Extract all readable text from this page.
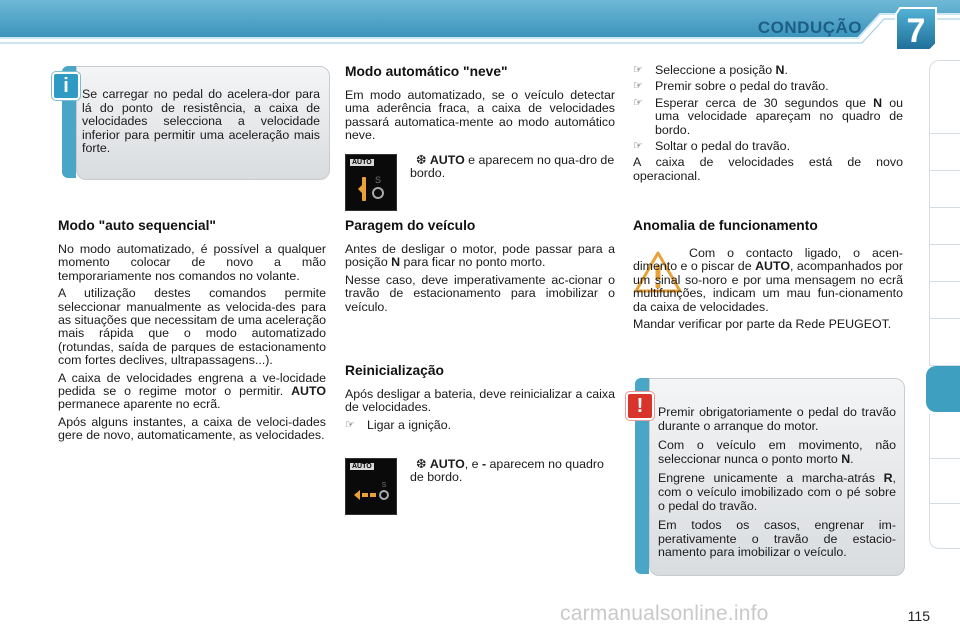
CONDUÇÃO 7
i	Se carregar no pedal do acelera-dor para lá do ponto de resistência, a caixa de velocidades selecciona a velocidade inferior para permitir uma aceleração mais forte.
Modo "auto sequencial"

No modo automatizado, é possível a qualquer momento colocar de novo a mão temporariamente nos comandos no volante.

A utilização destes comandos permite seleccionar manualmente as velocida-des para as situações que necessitam de uma aceleração mais rápida que o modo automatizado (rotundas, saída de parques de estacionamento com fortes declives, ultrapassagens...).

A caixa de velocidades engrena a ve-locidade pedida se o regime motor o permitir. AUTO permanece aparente no ecrã.

Após alguns instantes, a caixa de veloci-dades gere de novo, automaticamente, as velocidades.

Modo automático "neve"
Em modo automatizado, se o veículo detectar uma aderência fraca, a caixa de velocidades passará automatica-mente ao modo automático neve.
AUTO
S
❆ AUTO e aparecem no qua-dro de bordo.
Paragem do veículo

Antes de desligar o motor, pode passar para a posição N para ficar no ponto morto.

Nesse caso, deve imperativamente ac-cionar o travão de estacionamento para imobilizar o veículo.

Reinicialização

Após desligar a bateria, deve reinicializar a caixa de velocidades.

☞ Ligar a ignição.
AUTO
S
❆ AUTO, e - aparecem no quadro de bordo.
☞ Seleccione a posição N.
☞ Premir sobre o pedal do travão.
☞ Esperar cerca de 30 segundos que N ou uma velocidade apareçam no quadro de bordo.
☞ Soltar o pedal do travão.

A caixa de velocidades está de novo operacional.

Anomalia de funcionamento

Com o contacto ligado, o acen-dimento e o piscar de AUTO, acompanhados por um sinal so-noro e por uma mensagem no ecrã multifunções, indicam um mau fun-cionamento da caixa de velocidades.

Mandar verificar por parte da Rede PEUGEOT.

!	Premir obrigatoriamente o pedal do travão durante o arranque do motor.

Com o veículo em movimento, não seleccionar nunca o ponto morto N.

Engrene unicamente a marcha-atrás R, com o veículo imobilizado com o pé sobre o pedal do travão.

Em todos os casos, engrenar im-perativamente o travão de estacio-namento para imobilizar o veículo.

carmanualsonline.info	115
